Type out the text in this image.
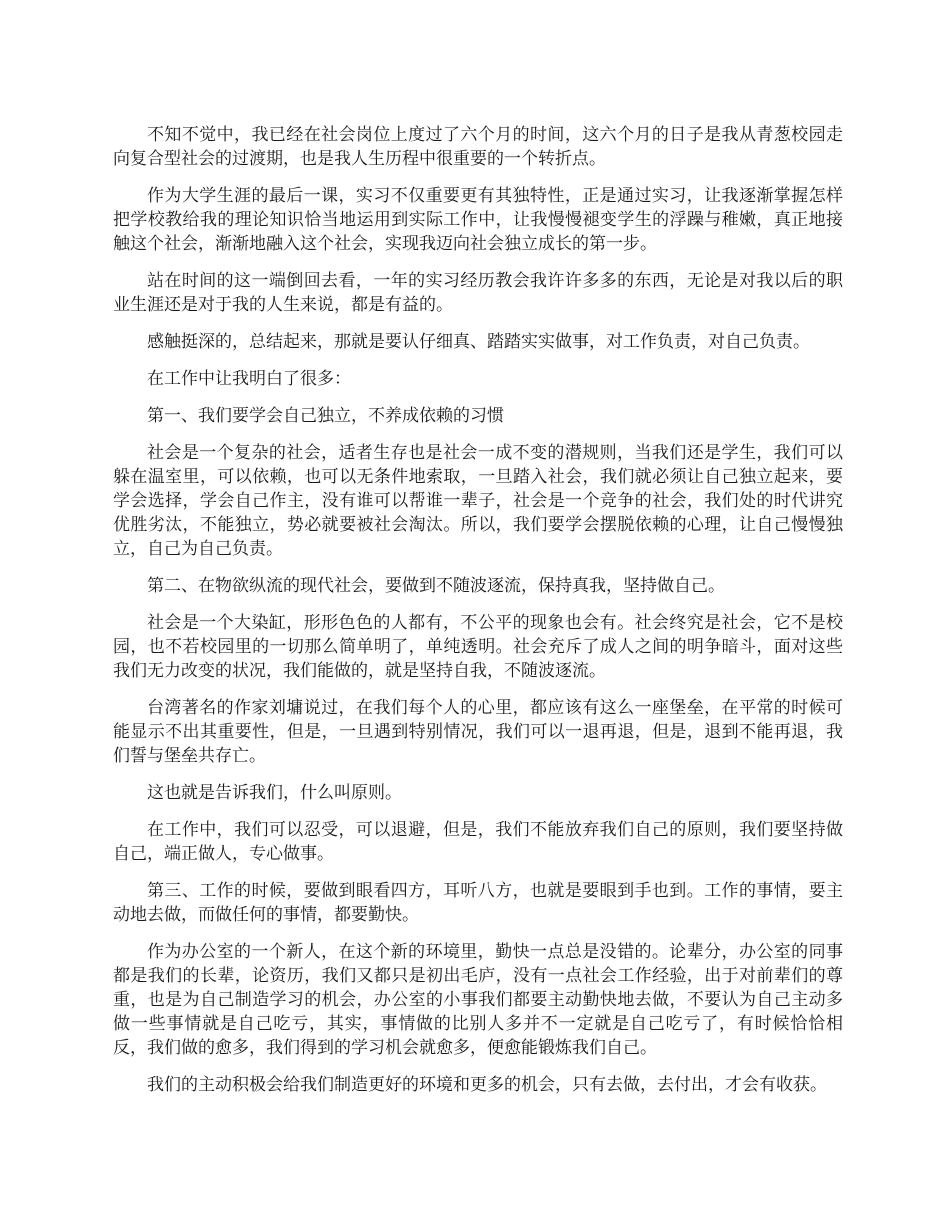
不知不觉中，我已经在社会岗位上度过了六个月的时间，这六个月的日子是我从青葱校园走向复合型社会的过渡期，也是我人生历程中很重要的一个转折点。

作为大学生涯的最后一课，实习不仅重要更有其独特性，正是通过实习，让我逐渐掌握怎样把学校教给我的理论知识恰当地运用到实际工作中，让我慢慢褪变学生的浮躁与稚嫩，真正地接触这个社会，渐渐地融入这个社会，实现我迈向社会独立成长的第一步。

站在时间的这一端倒回去看，一年的实习经历教会我许许多多的东西，无论是对我以后的职业生涯还是对于我的人生来说，都是有益的。

感触挺深的，总结起来，那就是要认仔细真、踏踏实实做事，对工作负责，对自己负责。

在工作中让我明白了很多：

第一、我们要学会自己独立，不养成依赖的习惯

社会是一个复杂的社会，适者生存也是社会一成不变的潜规则，当我们还是学生，我们可以躲在温室里，可以依赖，也可以无条件地索取，一旦踏入社会，我们就必须让自己独立起来，要学会选择，学会自己作主，没有谁可以帮谁一辈子，社会是一个竞争的社会，我们处的时代讲究优胜劣汰，不能独立，势必就要被社会淘汰。所以，我们要学会摆脱依赖的心理，让自己慢慢独立，自己为自己负责。

第二、在物欲纵流的现代社会，要做到不随波逐流，保持真我，坚持做自己。

社会是一个大染缸，形形色色的人都有，不公平的现象也会有。社会终究是社会，它不是校园，也不若校园里的一切那么简单明了，单纯透明。社会充斥了成人之间的明争暗斗，面对这些我们无力改变的状况，我们能做的，就是坚持自我，不随波逐流。

台湾著名的作家刘墉说过，在我们每个人的心里，都应该有这么一座堡垒，在平常的时候可能显示不出其重要性，但是，一旦遇到特别情况，我们可以一退再退，但是，退到不能再退，我们誓与堡垒共存亡。

这也就是告诉我们，什么叫原则。

在工作中，我们可以忍受，可以退避，但是，我们不能放弃我们自己的原则，我们要坚持做自己，端正做人，专心做事。

第三、工作的时候，要做到眼看四方，耳听八方，也就是要眼到手也到。工作的事情，要主动地去做，而做任何的事情，都要勤快。

作为办公室的一个新人，在这个新的环境里，勤快一点总是没错的。论辈分，办公室的同事都是我们的长辈，论资历，我们又都只是初出毛庐，没有一点社会工作经验，出于对前辈们的尊重，也是为自己制造学习的机会，办公室的小事我们都要主动勤快地去做，不要认为自己主动多做一些事情就是自己吃亏，其实，事情做的比别人多并不一定就是自己吃亏了，有时候恰恰相反，我们做的愈多，我们得到的学习机会就愈多，便愈能锻炼我们自己。

我们的主动积极会给我们制造更好的环境和更多的机会，只有去做，去付出，才会有收获。
